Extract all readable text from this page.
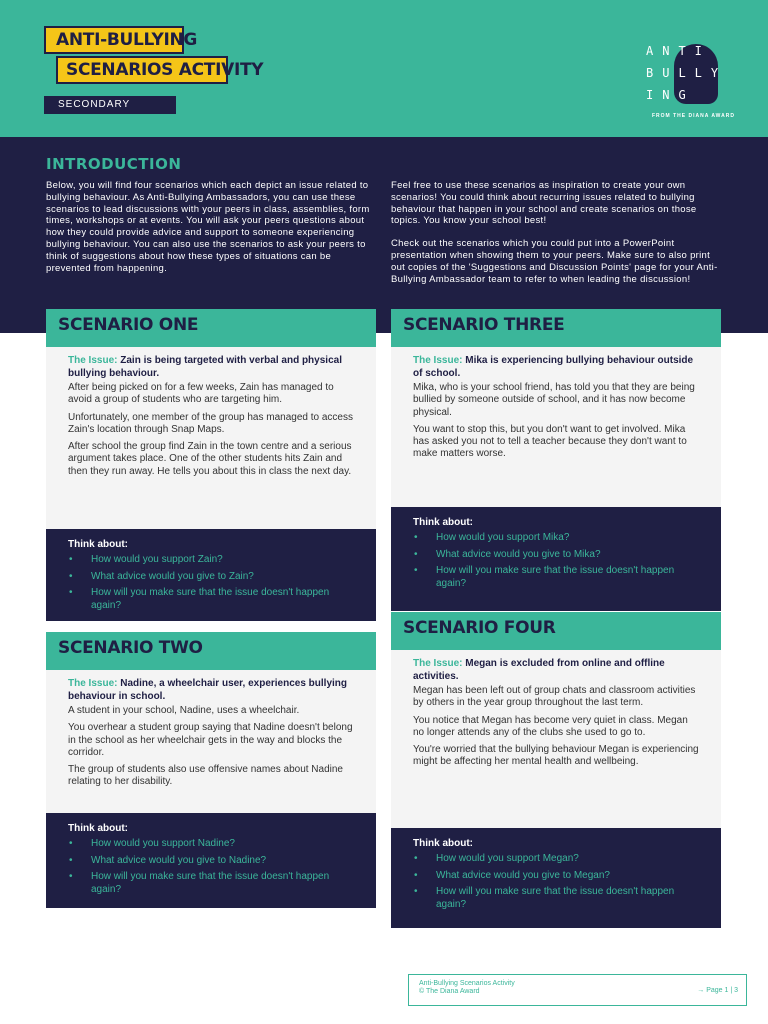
ANTI-BULLYING
SCENARIOS ACTIVITY
SECONDARY
ANTI
BULLY
ING
FROM THE DIANA AWARD
INTRODUCTION

Below, you will find four scenarios which each depict an issue related to bullying behaviour. As Anti-Bullying Ambassadors, you can use these scenarios to lead discussions with your peers in class, assemblies, form times, workshops or at events. You will ask your peers questions about how they could provide advice and support to someone experiencing bullying behaviour. You can also use the scenarios to ask your peers to think of suggestions about how these types of situations can be prevented from happening.

Feel free to use these scenarios as inspiration to create your own scenarios! You could think about recurring issues related to bullying behaviour that happen in your school and create scenarios on those topics. You know your school best!

Check out the scenarios which you could put into a PowerPoint presentation when showing them to your peers. Make sure to also print out copies of the 'Suggestions and Discussion Points' page for your Anti-Bullying Ambassador team to refer to when leading the discussion!

SCENARIO ONE

The Issue: Zain is being targeted with verbal and physical bullying behaviour.

After being picked on for a few weeks, Zain has managed to avoid a group of students who are targeting him.

Unfortunately, one member of the group has managed to access Zain's location through Snap Maps.

After school the group find Zain in the town centre and a serious argument takes place. One of the other students hits Zain and then they run away. He tells you about this in class the next day.

Think about:

• How would you support Zain?
• What advice would you give to Zain?
• How will you make sure that the issue doesn't happen again?
SCENARIO TWO

The Issue: Nadine, a wheelchair user, experiences bullying behaviour in school.

A student in your school, Nadine, uses a wheelchair.

You overhear a student group saying that Nadine doesn't belong in the school as her wheelchair gets in the way and blocks the corridor.

The group of students also use offensive names about Nadine relating to her disability.

Think about:

• How would you support Nadine?
• What advice would you give to Nadine?
• How will you make sure that the issue doesn't happen again?
SCENARIO THREE

The Issue: Mika is experiencing bullying behaviour outside of school.

Mika, who is your school friend, has told you that they are being bullied by someone outside of school, and it has now become physical.

You want to stop this, but you don't want to get involved. Mika has asked you not to tell a teacher because they don't want to make matters worse.

Think about:

• How would you support Mika?
• What advice would you give to Mika?
• How will you make sure that the issue doesn't happen again?
SCENARIO FOUR

The Issue: Megan is excluded from online and offline activities.

Megan has been left out of group chats and classroom activities by others in the year group throughout the last term.

You notice that Megan has become very quiet in class. Megan no longer attends any of the clubs she used to go to.

You're worried that the bullying behaviour Megan is experiencing might be affecting her mental health and wellbeing.

Think about:

• How would you support Megan?
• What advice would you give to Megan?
• How will you make sure that the issue doesn't happen again?
Anti-Bullying Scenarios Activity
© The Diana Award	→ Page 1 | 3
